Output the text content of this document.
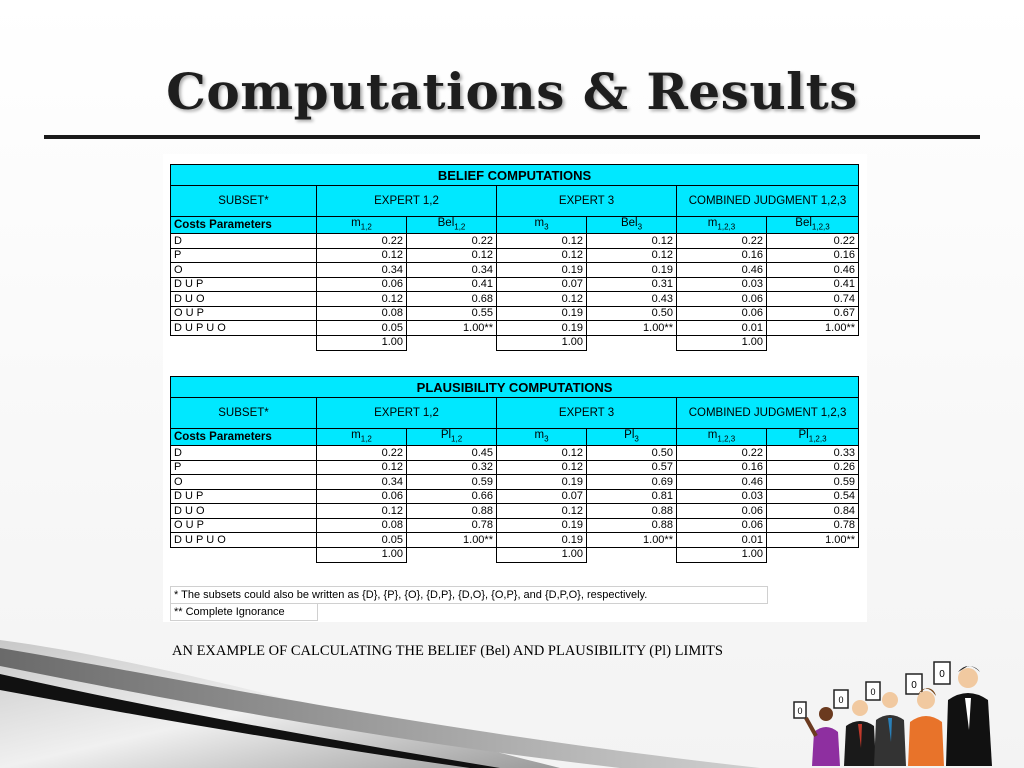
Computations & Results
BELIEF COMPUTATIONS						
SUBSET*	EXPERT 1,2		EXPERT 3		COMBINED JUDGMENT 1,2,3	
Costs Parameters	$m_{1,2}$	Bel$_{1,2}$	$m_3$	Bel$_3$	$m_{1,2,3}$	Bel$_{1,2,3}$
D	0.22	0.22	0.12	0.12	0.22	0.22
P	0.12	0.12	0.12	0.12	0.16	0.16
O	0.34	0.34	0.19	0.19	0.46	0.46
D U P	0.06	0.41	0.07	0.31	0.03	0.41
D U O	0.12	0.68	0.12	0.43	0.06	0.74
O U P	0.08	0.55	0.19	0.50	0.06	0.67
D U P U O	0.05	1.00**	0.19	1.00**	0.01	1.00**
	1.00		1.00		1.00	
PLAUSIBILITY COMPUTATIONS						
SUBSET*	EXPERT 1,2		EXPERT 3		COMBINED JUDGMENT 1,2,3	
Costs Parameters	$m_{1,2}$	$Pl_{1,2}$	$m_3$	$Pl_3$	$m_{1,2,3}$	$Pl_{1,2,3}$
D	0.22	0.45	0.12	0.50	0.22	0.33
P	0.12	0.32	0.12	0.57	0.16	0.26
O	0.34	0.59	0.19	0.69	0.46	0.59
D U P	0.06	0.66	0.07	0.81	0.03	0.54
D U O	0.12	0.88	0.12	0.88	0.06	0.84
O U P	0.08	0.78	0.19	0.88	0.06	0.78
D U P U O	0.05	1.00**	0.19	1.00**	0.01	1.00**
	1.00		1.00		1.00	
* The subsets could also be written as {D}, {P}, {O}, {D,P}, {D,O}, {O,P}, and {D,P,O}, respectively.
** Complete Ignorance
AN EXAMPLE OF CALCULATING THE BELIEF (Bel) AND PLAUSIBILITY (Pl) LIMITS
0
0
0
0
0
